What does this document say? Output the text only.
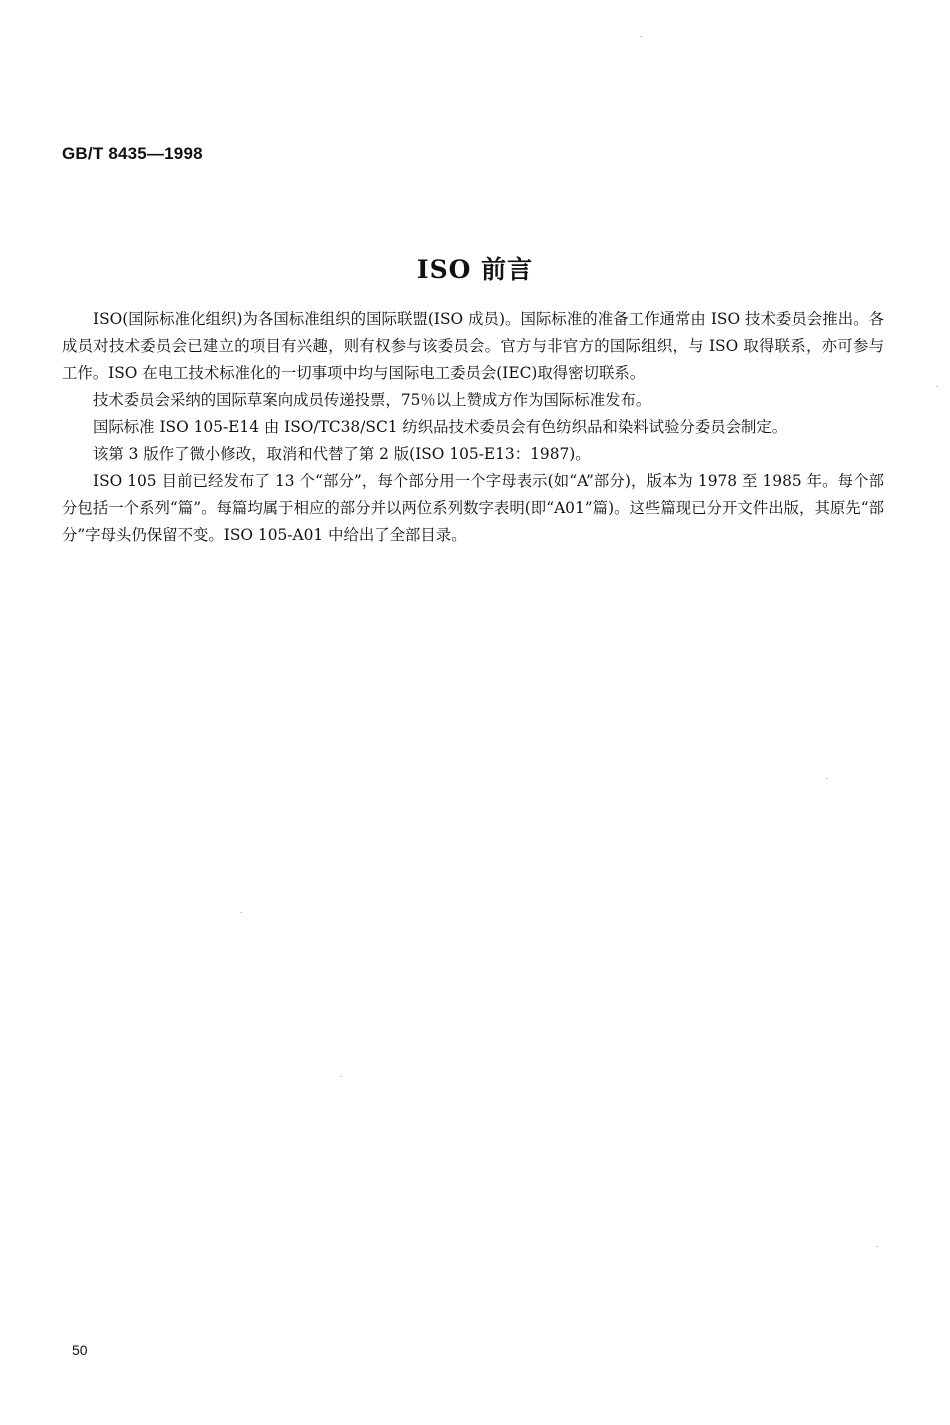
GB/T 8435—1998
ISO 前言

ISO(国际标准化组织)为各国标准组织的国际联盟(ISO 成员)。国际标准的准备工作通常由 ISO 技术委员会推出。各成员对技术委员会已建立的项目有兴趣，则有权参与该委员会。官方与非官方的国际组织，与 ISO 取得联系，亦可参与工作。ISO 在电工技术标准化的一切事项中均与国际电工委员会(IEC)取得密切联系。

技术委员会采纳的国际草案向成员传递投票，75％以上赞成方作为国际标准发布。

国际标准 ISO 105-E14 由 ISO/TC38/SC1 纺织品技术委员会有色纺织品和染料试验分委员会制定。

该第 3 版作了微小修改，取消和代替了第 2 版(ISO 105-E13：1987)。

ISO 105 目前已经发布了 13 个“部分”，每个部分用一个字母表示(如“A”部分)，版本为 1978 至 1985 年。每个部分包括一个系列“篇”。每篇均属于相应的部分并以两位系列数字表明(即“A01”篇)。这些篇现已分开文件出版，其原先“部分”字母头仍保留不变。ISO 105-A01 中给出了全部目录。

50
